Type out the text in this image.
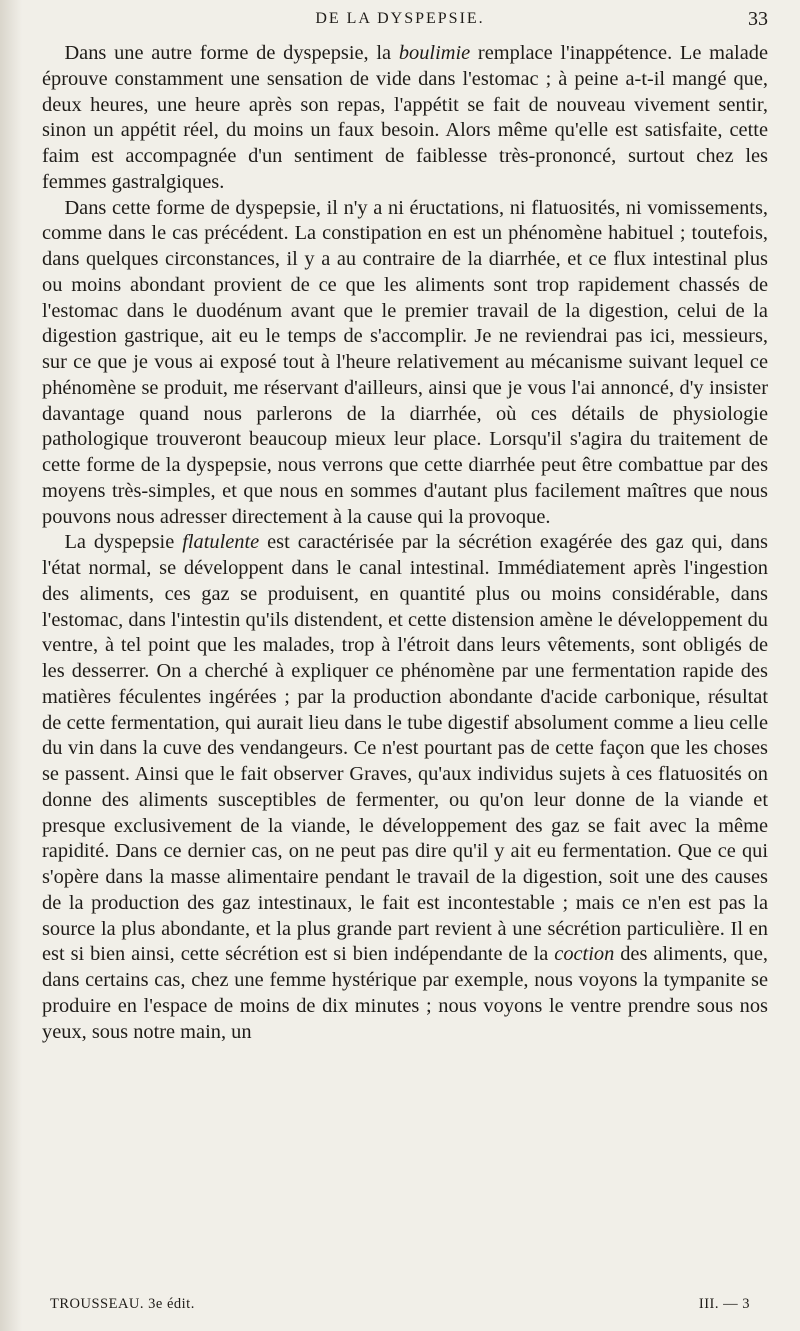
DE LA DYSPEPSIE.	33

Dans une autre forme de dyspepsie, la boulimie remplace l'inappétence. Le malade éprouve constamment une sensation de vide dans l'estomac ; à peine a-t-il mangé que, deux heures, une heure après son repas, l'appétit se fait de nouveau vivement sentir, sinon un appétit réel, du moins un faux besoin. Alors même qu'elle est satisfaite, cette faim est accompagnée d'un sentiment de faiblesse très-prononcé, surtout chez les femmes gastralgiques.

Dans cette forme de dyspepsie, il n'y a ni éructations, ni flatuosités, ni vomissements, comme dans le cas précédent. La constipation en est un phénomène habituel ; toutefois, dans quelques circonstances, il y a au contraire de la diarrhée, et ce flux intestinal plus ou moins abondant provient de ce que les aliments sont trop rapidement chassés de l'estomac dans le duodénum avant que le premier travail de la digestion, celui de la digestion gastrique, ait eu le temps de s'accomplir. Je ne reviendrai pas ici, messieurs, sur ce que je vous ai exposé tout à l'heure relativement au mécanisme suivant lequel ce phénomène se produit, me réservant d'ailleurs, ainsi que je vous l'ai annoncé, d'y insister davantage quand nous parlerons de la diarrhée, où ces détails de physiologie pathologique trouveront beaucoup mieux leur place. Lorsqu'il s'agira du traitement de cette forme de la dyspepsie, nous verrons que cette diarrhée peut être combattue par des moyens très-simples, et que nous en sommes d'autant plus facilement maîtres que nous pouvons nous adresser directement à la cause qui la provoque.

La dyspepsie flatulente est caractérisée par la sécrétion exagérée des gaz qui, dans l'état normal, se développent dans le canal intestinal. Immédiatement après l'ingestion des aliments, ces gaz se produisent, en quantité plus ou moins considérable, dans l'estomac, dans l'intestin qu'ils distendent, et cette distension amène le développement du ventre, à tel point que les malades, trop à l'étroit dans leurs vêtements, sont obligés de les desserrer. On a cherché à expliquer ce phénomène par une fermentation rapide des matières féculentes ingérées ; par la production abondante d'acide carbonique, résultat de cette fermentation, qui aurait lieu dans le tube digestif absolument comme a lieu celle du vin dans la cuve des vendangeurs. Ce n'est pourtant pas de cette façon que les choses se passent. Ainsi que le fait observer Graves, qu'aux individus sujets à ces flatuosités on donne des aliments susceptibles de fermenter, ou qu'on leur donne de la viande et presque exclusivement de la viande, le développement des gaz se fait avec la même rapidité. Dans ce dernier cas, on ne peut pas dire qu'il y ait eu fermentation. Que ce qui s'opère dans la masse alimentaire pendant le travail de la digestion, soit une des causes de la production des gaz intestinaux, le fait est incontestable ; mais ce n'en est pas la source la plus abondante, et la plus grande part revient à une sécrétion particulière. Il en est si bien ainsi, cette sécrétion est si bien indépendante de la coction des aliments, que, dans certains cas, chez une femme hystérique par exemple, nous voyons la tympanite se produire en l'espace de moins de dix minutes ; nous voyons le ventre prendre sous nos yeux, sous notre main, un

TROUSSEAU. 3e édit.	III. — 3
